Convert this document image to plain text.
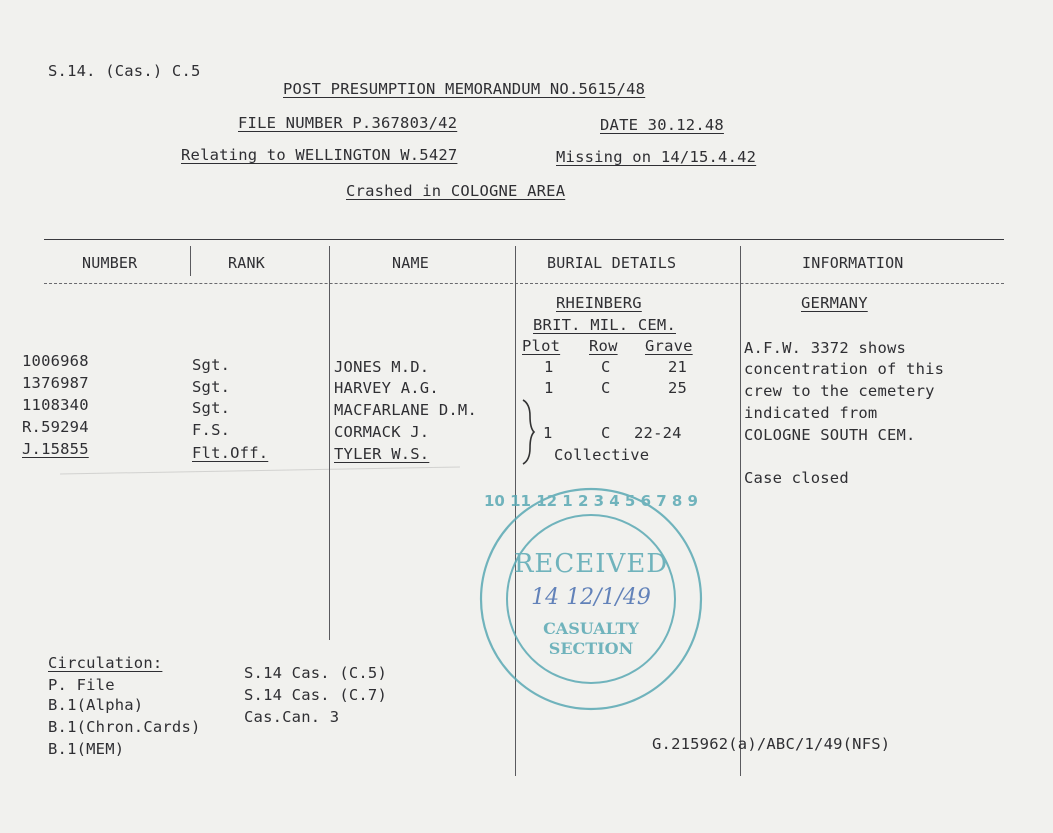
S.14. (Cas.) C.5
POST PRESUMPTION MEMORANDUM NO.5615/48
FILE NUMBER P.367803/42	DATE 30.12.48
Relating to WELLINGTON W.5427	Missing on 14/15.4.42
Crashed in COLOGNE AREA
NUMBER	RANK	NAME	BURIAL DETAILS	INFORMATION
RHEINBERG
BRIT. MIL. CEM.
Plot Row Grave
GERMANY
A.F.W. 3372 shows
concentration of this
crew to the cemetery
indicated from
COLOGNE SOUTH CEM.
Case closed
1006968	Sgt.	JONES M.D.	1	C	21
1376987	Sgt.	HARVEY A.G.	1	C	25
1108340	Sgt.	MACFARLANE D.M.
R.59294	F.S.	CORMACK J.	1	C 22-24
J.15855	Flt.Off.	TYLER W.S.	Collective
10 11 12 1 2 3 4 5 6 7 8 9
RECEIVED
14 12/1/49
CASUALTY
SECTION
Circulation:
P. File
B.1(Alpha)
B.1(Chron.Cards)
B.1(MEM)
S.14 Cas. (C.5)
S.14 Cas. (C.7)
Cas.Can. 3
G.215962(a)/ABC/1/49(NFS)
